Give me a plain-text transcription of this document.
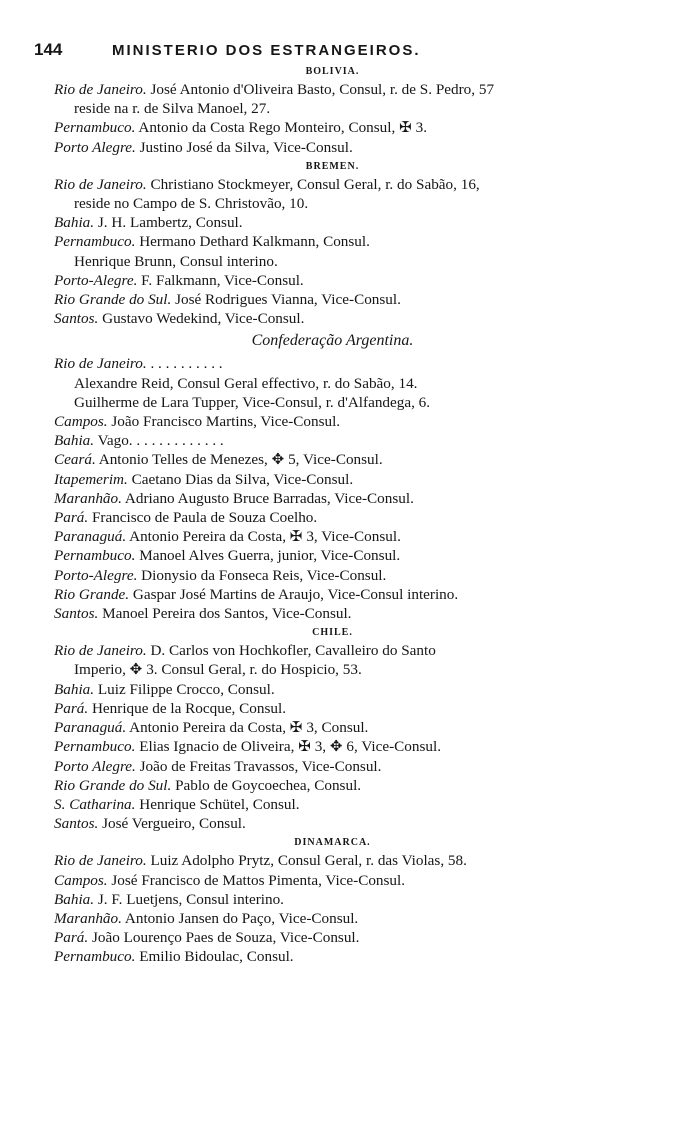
144	MINISTERIO DOS ESTRANGEIROS.
BOLIVIA.
Rio de Janeiro. José Antonio d'Oliveira Basto, Consul, r. de S. Pedro, 57
reside na r. de Silva Manoel, 27.
Pernambuco. Antonio da Costa Rego Monteiro, Consul, ✠ 3.
Porto Alegre. Justino José da Silva, Vice-Consul.
BREMEN.
Rio de Janeiro. Christiano Stockmeyer, Consul Geral, r. do Sabão, 16,
reside no Campo de S. Christovão, 10.
Bahia. J. H. Lambertz, Consul.
Pernambuco. Hermano Dethard Kalkmann, Consul.
Henrique Brunn, Consul interino.
Porto-Alegre. F. Falkmann, Vice-Consul.
Rio Grande do Sul. José Rodrigues Vianna, Vice-Consul.
Santos. Gustavo Wedekind, Vice-Consul.
Confederação Argentina.
Rio de Janeiro. . . . . . . . . . .
Alexandre Reid, Consul Geral effectivo, r. do Sabão, 14.
Guilherme de Lara Tupper, Vice-Consul, r. d'Alfandega, 6.
Campos. João Francisco Martins, Vice-Consul.
Bahia. Vago. . . . . . . . . . . . .
Ceará. Antonio Telles de Menezes, ✥ 5, Vice-Consul.
Itapemerim. Caetano Dias da Silva, Vice-Consul.
Maranhão. Adriano Augusto Bruce Barradas, Vice-Consul.
Pará. Francisco de Paula de Souza Coelho.
Paranaguá. Antonio Pereira da Costa, ✠ 3, Vice-Consul.
Pernambuco. Manoel Alves Guerra, junior, Vice-Consul.
Porto-Alegre. Dionysio da Fonseca Reis, Vice-Consul.
Rio Grande. Gaspar José Martins de Araujo, Vice-Consul interino.
Santos. Manoel Pereira dos Santos, Vice-Consul.
CHILE.
Rio de Janeiro. D. Carlos von Hochkofler, Cavalleiro do Santo
Imperio, ✥ 3. Consul Geral, r. do Hospicio, 53.
Bahia. Luiz Filippe Crocco, Consul.
Pará. Henrique de la Rocque, Consul.
Paranaguá. Antonio Pereira da Costa, ✠ 3, Consul.
Pernambuco. Elias Ignacio de Oliveira, ✠ 3, ✥ 6, Vice-Consul.
Porto Alegre. João de Freitas Travassos, Vice-Consul.
Rio Grande do Sul. Pablo de Goycoechea, Consul.
S. Catharina. Henrique Schütel, Consul.
Santos. José Vergueiro, Consul.
DINAMARCA.
Rio de Janeiro. Luiz Adolpho Prytz, Consul Geral, r. das Violas, 58.
Campos. José Francisco de Mattos Pimenta, Vice-Consul.
Bahia. J. F. Luetjens, Consul interino.
Maranhão. Antonio Jansen do Paço, Vice-Consul.
Pará. João Lourenço Paes de Souza, Vice-Consul.
Pernambuco. Emilio Bidoulac, Consul.
